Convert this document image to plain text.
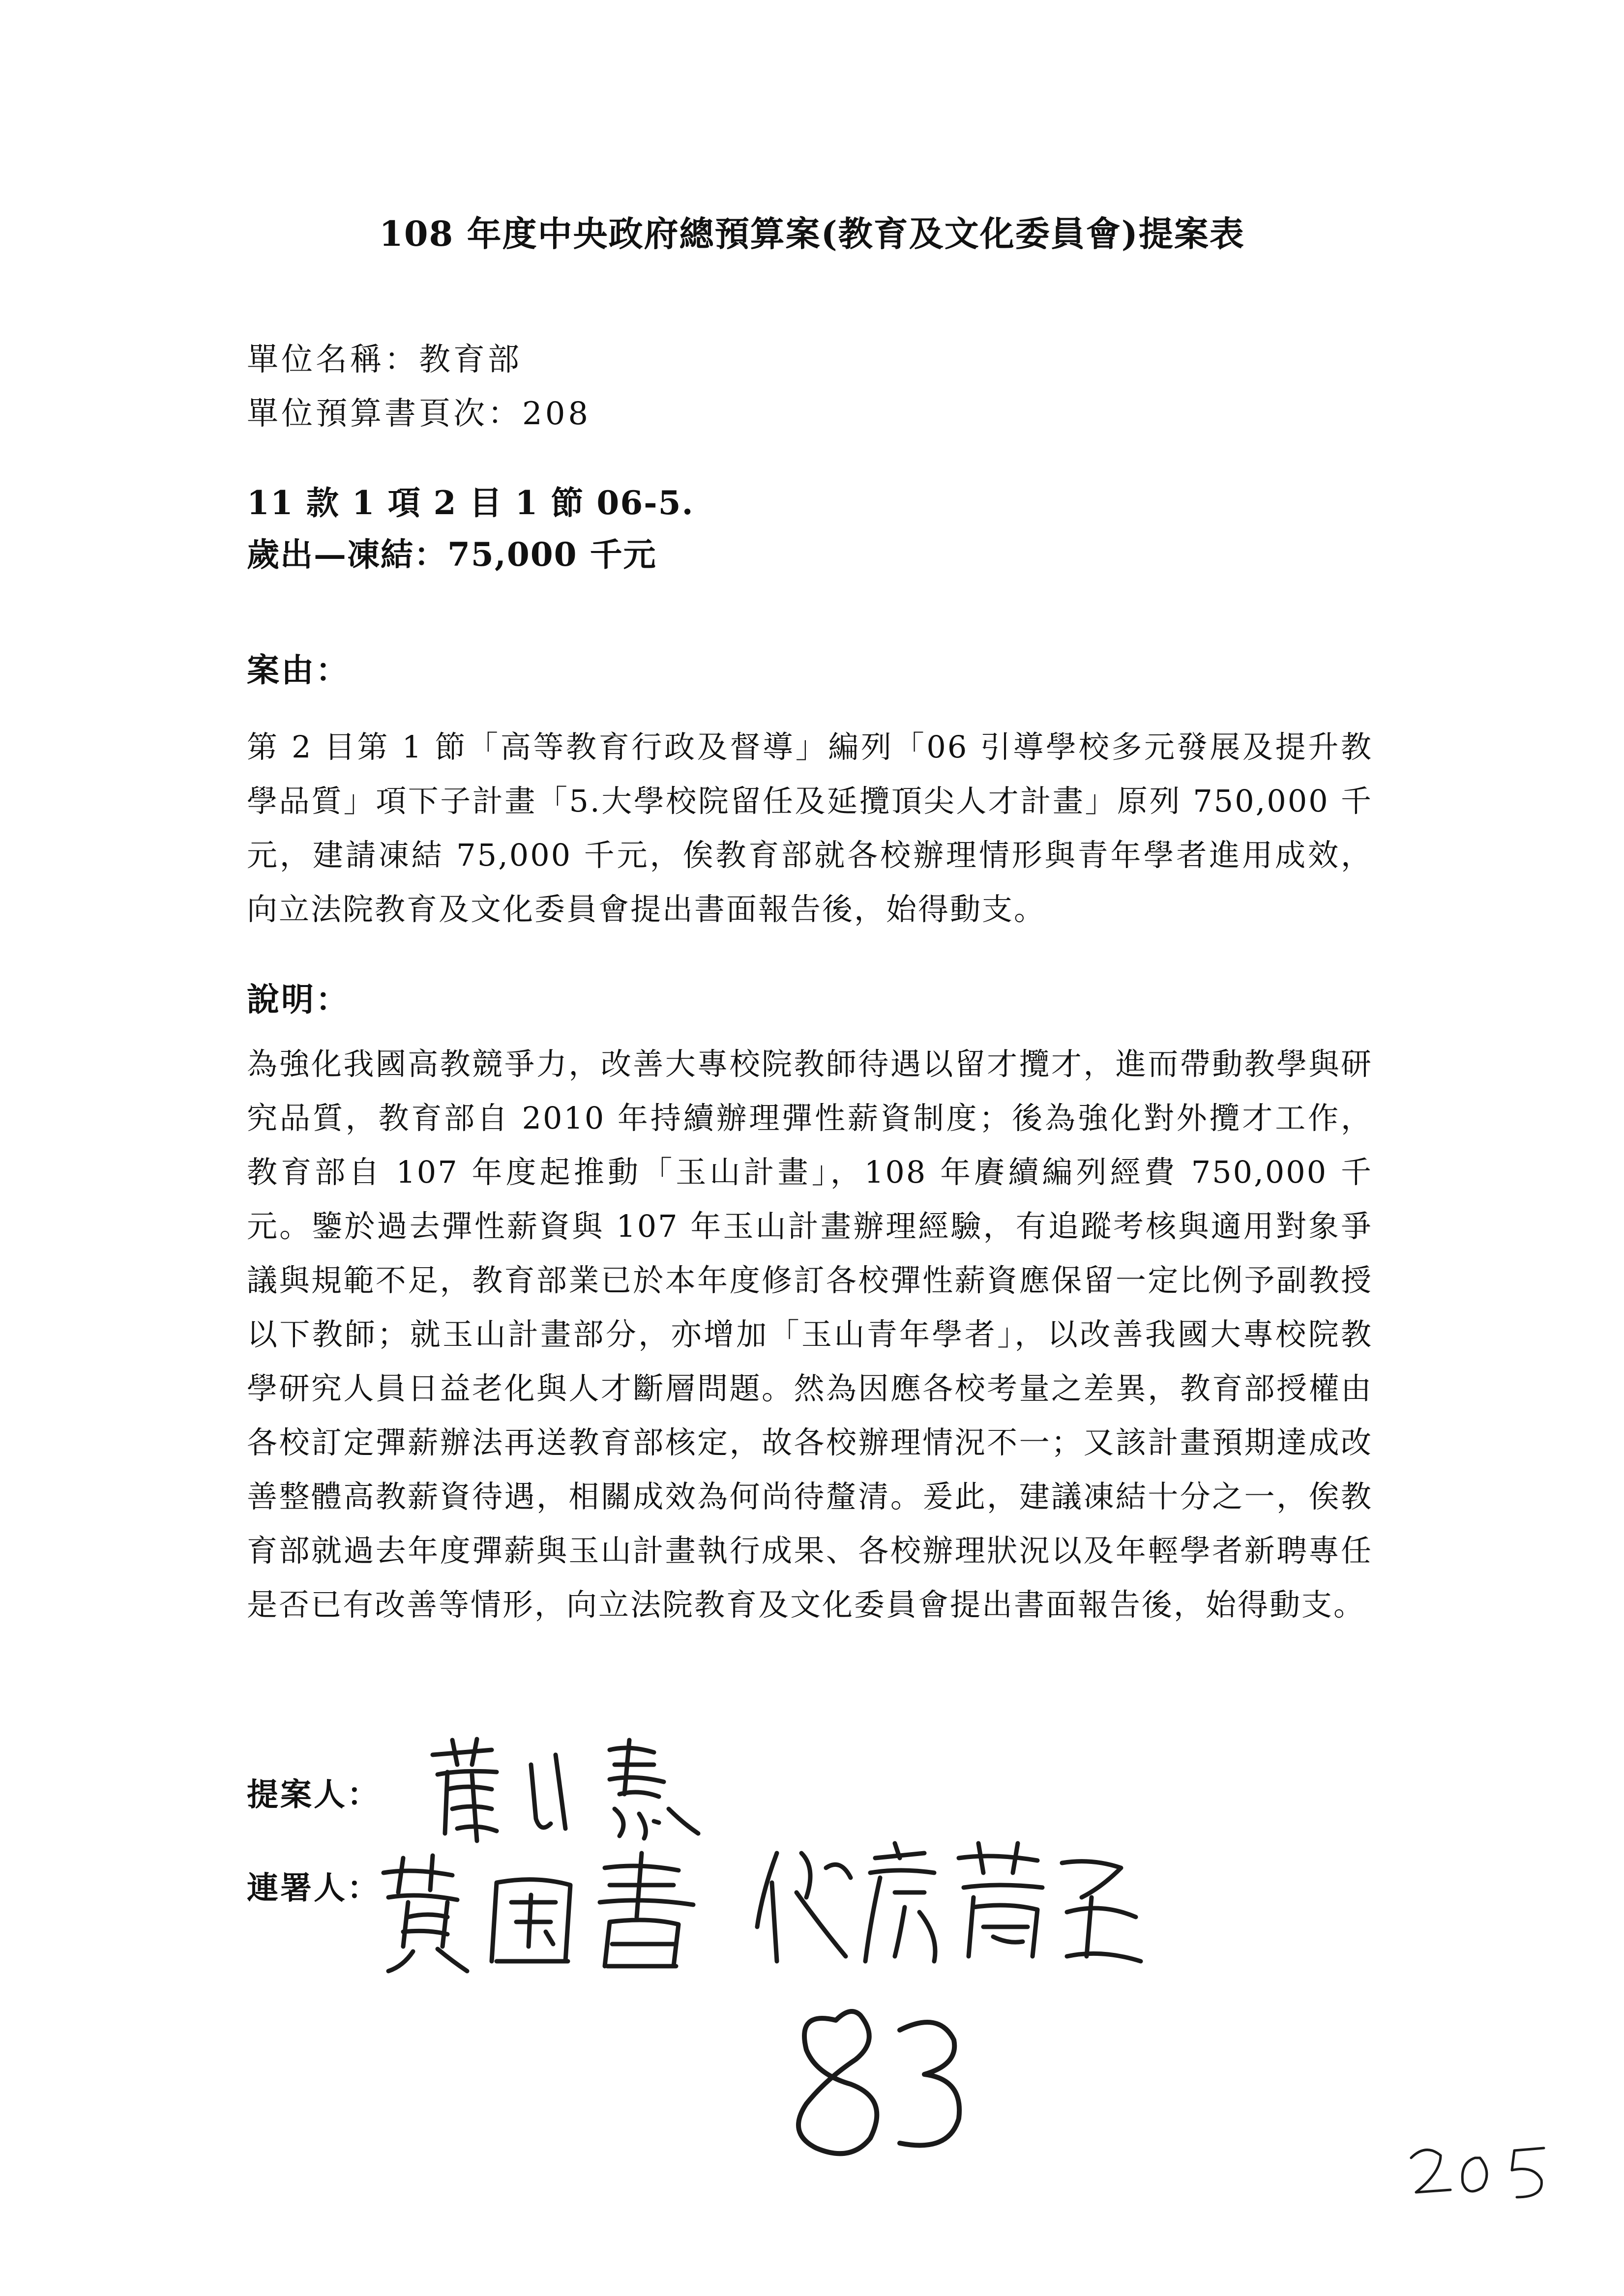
108 年度中央政府總預算案(教育及文化委員會)提案表
單位名稱：教育部
單位預算書頁次：208
11 款 1 項 2 目 1 節 06-5.
歲出—凍結：75,000 千元
案由：
第 2 目第 1 節「高等教育行政及督導」編列「06 引導學校多元發展及提升教學品質」項下子計畫「5.大學校院留任及延攬頂尖人才計畫」原列 750,000 千元，建請凍結 75,000 千元，俟教育部就各校辦理情形與青年學者進用成效，向立法院教育及文化委員會提出書面報告後，始得動支。
說明：
為強化我國高教競爭力，改善大專校院教師待遇以留才攬才，進而帶動教學與研究品質，教育部自 2010 年持續辦理彈性薪資制度；後為強化對外攬才工作，教育部自 107 年度起推動「玉山計畫」，108 年賡續編列經費 750,000 千元。鑒於過去彈性薪資與 107 年玉山計畫辦理經驗，有追蹤考核與適用對象爭議與規範不足，教育部業已於本年度修訂各校彈性薪資應保留一定比例予副教授以下教師；就玉山計畫部分，亦增加「玉山青年學者」，以改善我國大專校院教學研究人員日益老化與人才斷層問題。然為因應各校考量之差異，教育部授權由各校訂定彈薪辦法再送教育部核定，故各校辦理情況不一；又該計畫預期達成改善整體高教薪資待遇，相關成效為何尚待釐清。爰此，建議凍結十分之一，俟教育部就過去年度彈薪與玉山計畫執行成果、各校辦理狀況以及年輕學者新聘專任是否已有改善等情形，向立法院教育及文化委員會提出書面報告後，始得動支。
提案人：
連署人：
